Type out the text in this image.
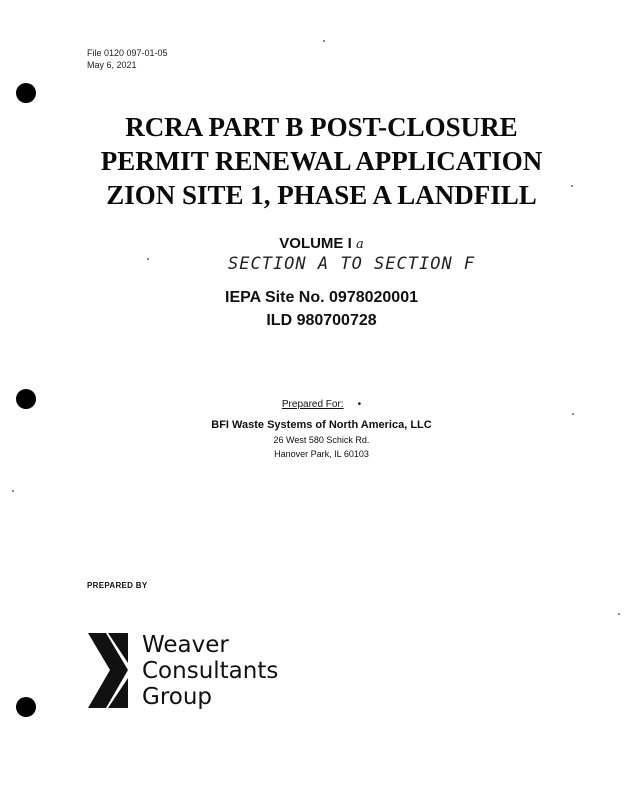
File 0120 097-01-05
May 6, 2021
RCRA PART B POST-CLOSURE
PERMIT RENEWAL APPLICATION
ZION SITE 1, PHASE A LANDFILL
VOLUME I a
SECTION A TO SECTION F
IEPA Site No. 0978020001
ILD 980700728
Prepared For: •
BFI Waste Systems of North America, LLC
26 West 580 Schick Rd.
Hanover Park, IL 60103
PREPARED BY
Weaver
Consultants
Group
